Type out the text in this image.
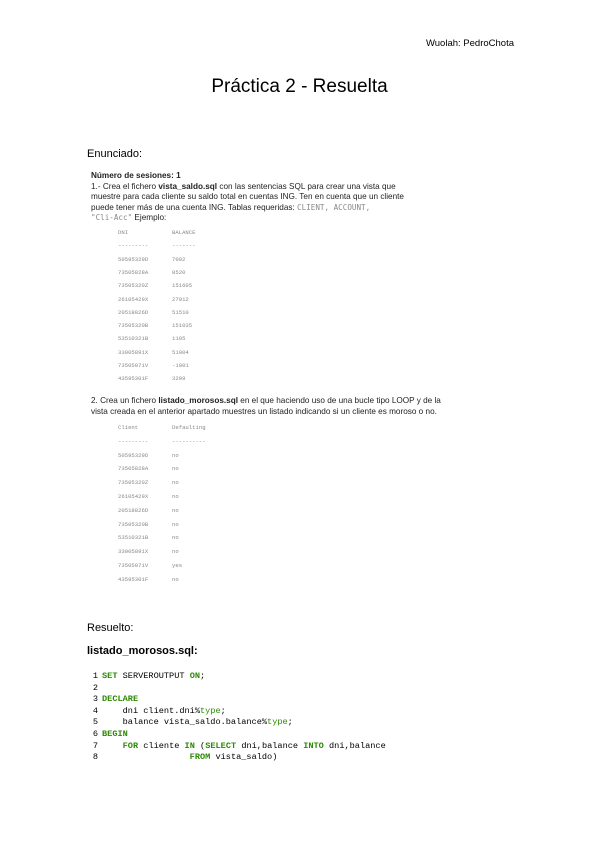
Wuolah: PedroChota
Práctica 2 - Resuelta
Enunciado:
Número de sesiones: 1
1.- Crea el fichero vista_saldo.sql con las sentencias SQL para crear una vista que
muestre para cada cliente su saldo total en cuentas ING. Ten en cuenta que un cliente
puede tener más de una cuenta ING. Tablas requeridas: CLIENT, ACCOUNT,
"Cli-Acc" Ejemplo:
DNI	BALANCE
---------	-------
50595329D	7002
73505828A	8520
73505320Z	151605
26105429X	27912
20518826D	51510
73505320B	151035
53510321B	1105
33005891X	51004
73505071V	-1001
43595301F	3209
2. Crea un fichero listado_morosos.sql en el que haciendo uso de una bucle tipo LOOP y de la
vista creada en el anterior apartado muestres un listado indicando si un cliente es moroso o no.
Client	Defaulting
---------	----------
50595329D	no
73505828A	no
73505320Z	no
26105429X	no
20518826D	no
73505320B	no
53510321B	no
33005891X	no
73505071V	yes
43595301F	no
Resuelto:
listado_morosos.sql:
1 SET SERVEROUTPUT ON;
2
3 DECLARE
4    dni client.dni%type;
5    balance vista_saldo.balance%type;
6 BEGIN
7	FOR cliente IN (SELECT dni,balance INTO dni,balance
8	FROM vista_saldo)
